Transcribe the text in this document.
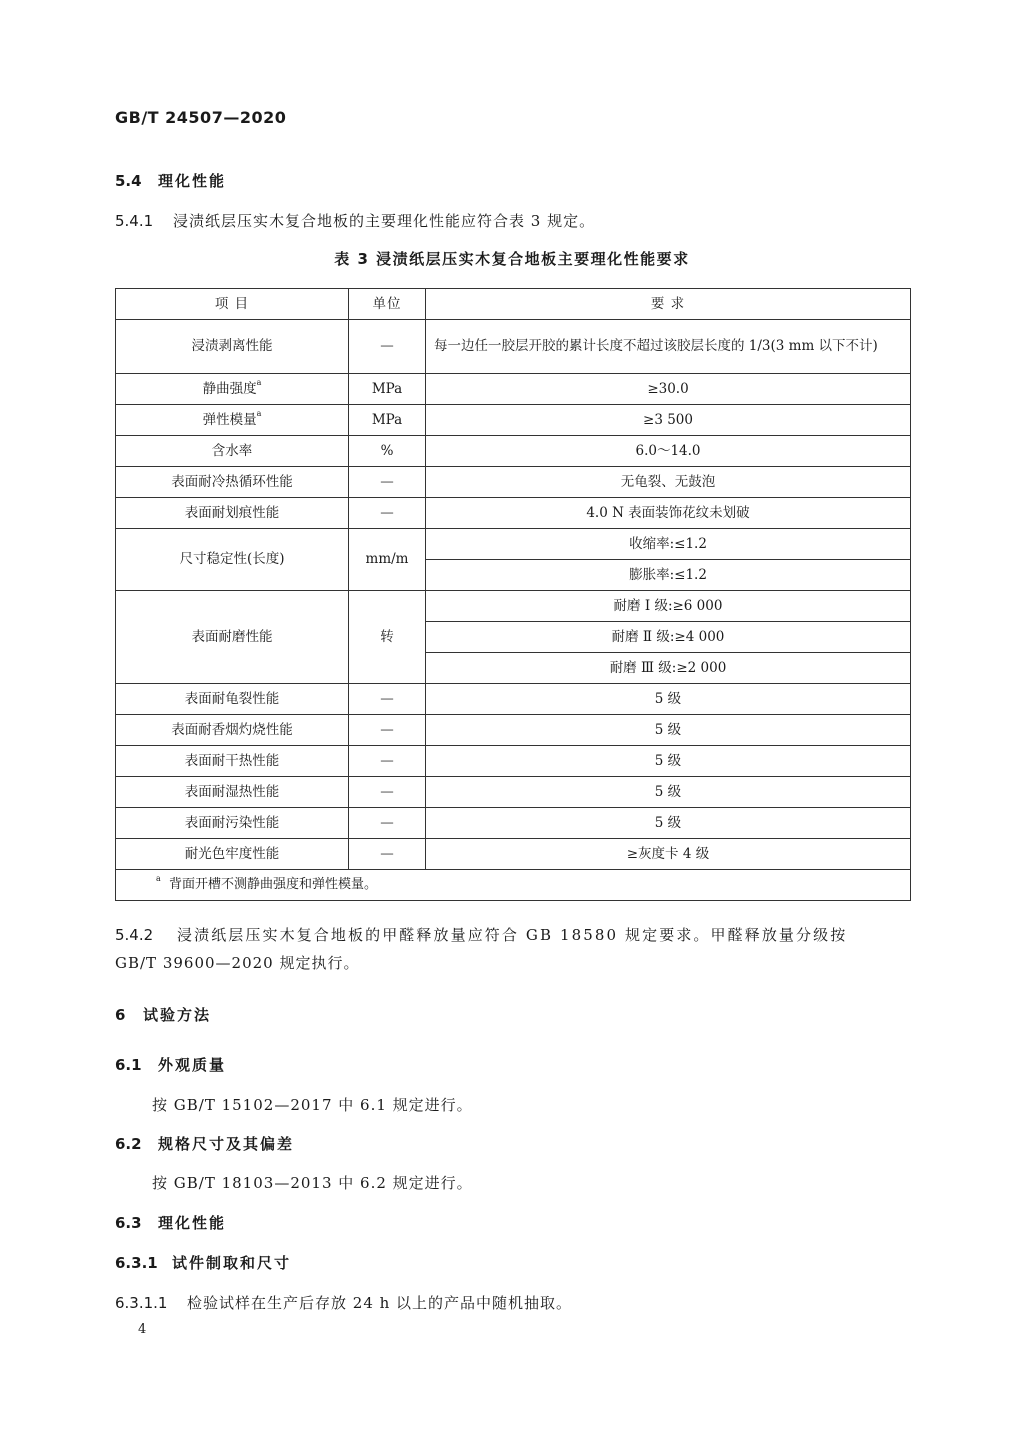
GB/T 24507—2020
5.4 理化性能
5.4.1 浸渍纸层压实木复合地板的主要理化性能应符合表 3 规定。
表 3 浸渍纸层压实木复合地板主要理化性能要求
项 目	单位	要 求
浸渍剥离性能	—	每一边任一胶层开胶的累计长度不超过该胶层长度的 1/3(3 mm 以下不计)
静曲强度$^a$	MPa	≥30.0
弹性模量$^a$	MPa	≥3 500
含水率	%	6.0～14.0
表面耐冷热循环性能	—	无龟裂、无鼓泡
表面耐划痕性能	—	4.0 N 表面装饰花纹未划破
尺寸稳定性(长度)	mm/m	收缩率:≤1.2
		膨胀率:≤1.2
表面耐磨性能	转	耐磨 Ⅰ 级:≥6 000
		耐磨 Ⅱ 级:≥4 000
		耐磨 Ⅲ 级:≥2 000
表面耐龟裂性能	—	5 级
表面耐香烟灼烧性能	—	5 级
表面耐干热性能	—	5 级
表面耐湿热性能	—	5 级
表面耐污染性能	—	5 级
耐光色牢度性能	—	≥灰度卡 4 级
$^a$ 背面开槽不测静曲强度和弹性模量。		
5.4.2 浸渍纸层压实木复合地板的甲醛释放量应符合 GB 18580 规定要求。甲醛释放量分级按
GB/T 39600—2020 规定执行。
6 试验方法
6.1 外观质量
按 GB/T 15102—2017 中 6.1 规定进行。
6.2 规格尺寸及其偏差
按 GB/T 18103—2013 中 6.2 规定进行。
6.3 理化性能
6.3.1 试件制取和尺寸
6.3.1.1 检验试样在生产后存放 24 h 以上的产品中随机抽取。
4
